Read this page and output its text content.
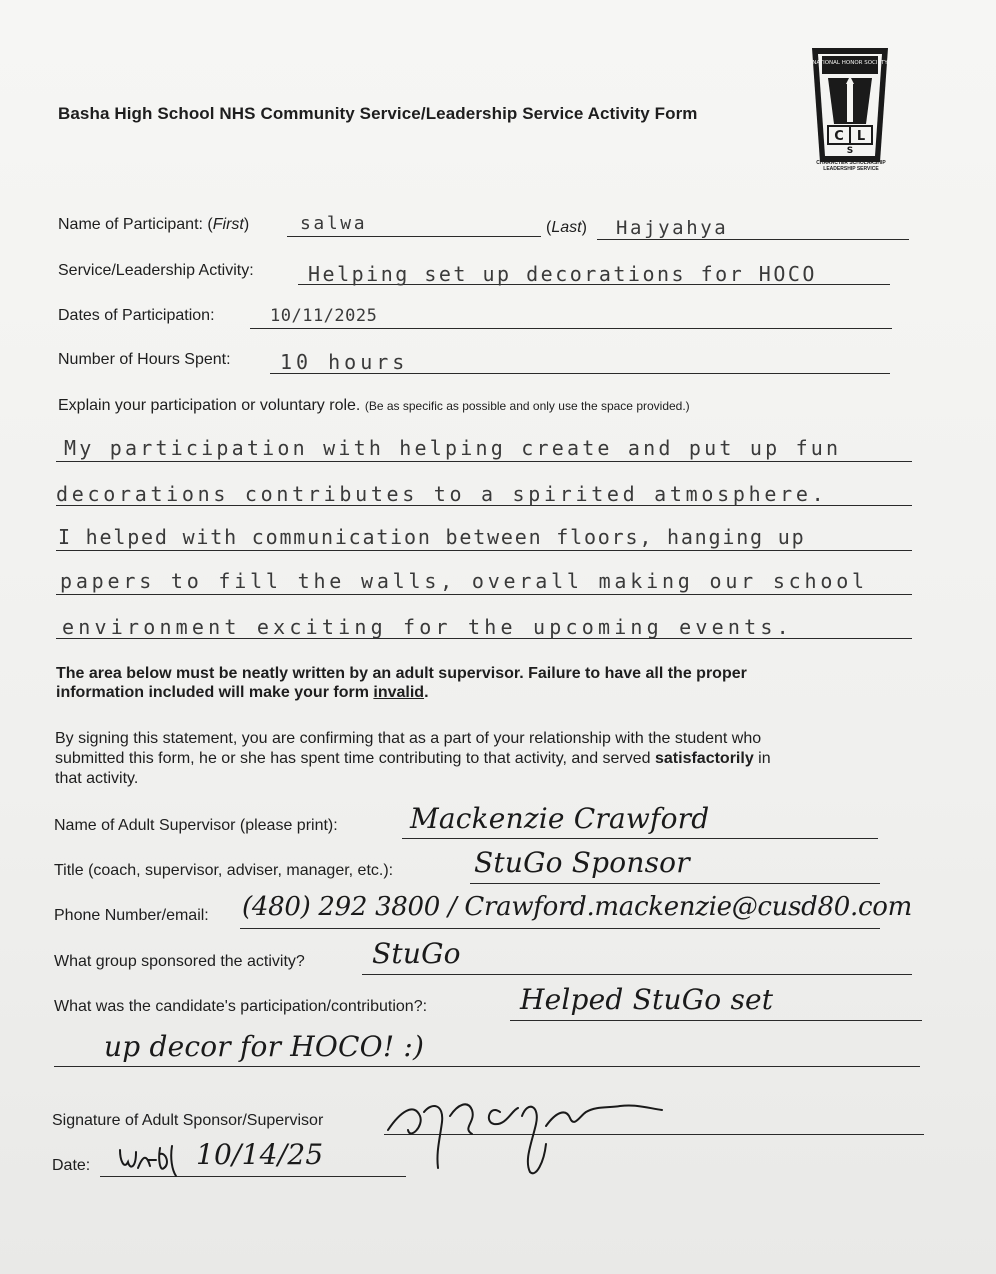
Basha High School NHS Community Service/Leadership Service Activity Form
NATIONAL HONOR SOCIETY
C L
S
CHARACTER SCHOLARSHIP LEADERSHIP SERVICE
Name of Participant: (First)	salwa	(Last) Hajyahya
Service/Leadership Activity:	Helping set up decorations for HOCO
Dates of Participation:	10/11/2025
Number of Hours Spent: 10 hours
Explain your participation or voluntary role. (Be as specific as possible and only use the space provided.)
My participation with helping create and put up fun
decorations contributes to a spirited atmosphere.
I helped with communication between floors, hanging up
papers to fill the walls, overall making our school
environment exciting for the upcoming events.
The area below must be neatly written by an adult supervisor. Failure to have all the proper
information included will make your form invalid.
By signing this statement, you are confirming that as a part of your relationship with the student who
submitted this form, he or she has spent time contributing to that activity, and served satisfactorily in
that activity.
Name of Adult Supervisor (please print):	Mackenzie Crawford
Title (coach, supervisor, adviser, manager, etc.):	StuGo Sponsor
Phone Number/email: (480) 292 3800 / Crawford.mackenzie@cusd80.com
What group sponsored the activity? StuGo
What was the candidate's participation/contribution?:	Helped StuGo set
up decor for HOCO! :)
Signature of Adult Sponsor/Supervisor
Date:	10/14/25
